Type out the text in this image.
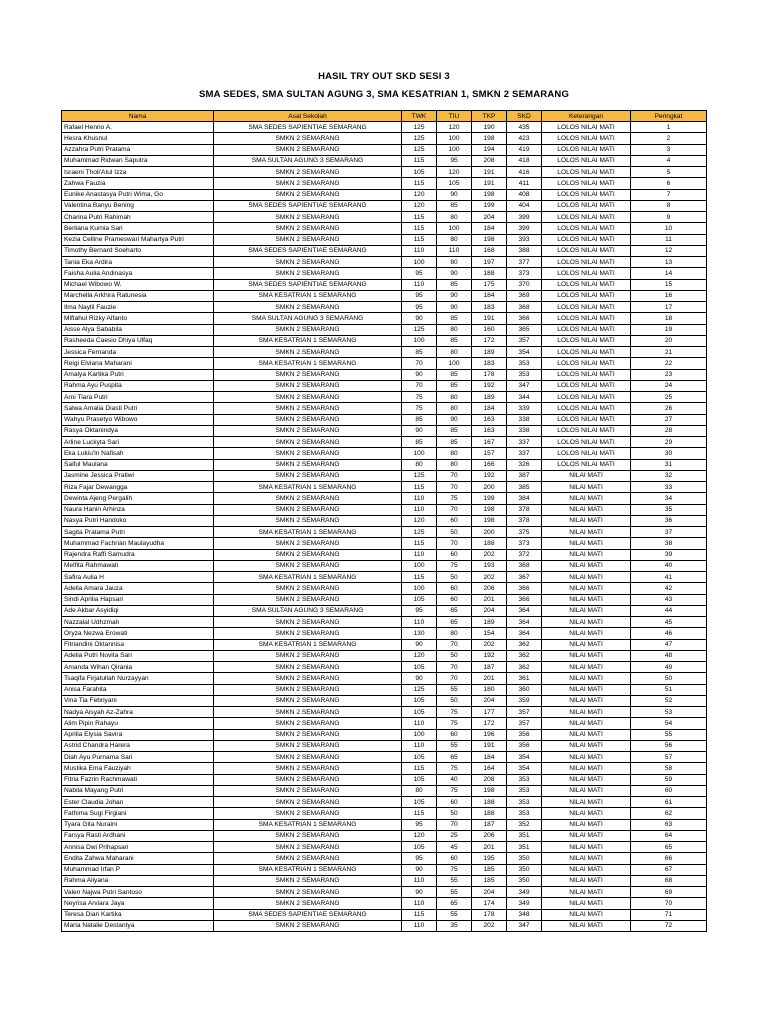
HASIL TRY OUT SKD SESI 3
SMA SEDES, SMA SULTAN AGUNG 3, SMA KESATRIAN 1, SMKN 2 SEMARANG
Nama	Asal Sekolah	TWK	TIU	TKP	SKD	Keterangan	Peringkat
Rafael Henrio A.	SMA SEDES SAPIENTIAE SEMARANG	125	120	190	435	LOLOS NILAI MATI	1
Hesra Khusnul	SMKN 2 SEMARANG	125	100	198	423	LOLOS NILAI MATI	2
Azzahra Putri Pratama	SMKN 2 SEMARANG	125	100	194	419	LOLOS NILAI MATI	3
Muhammad Ridwan Saputra	SMA SULTAN AGUNG 3 SEMARANG	115	95	208	418	LOLOS NILAI MATI	4
Israeni Tholi'Atul Izza	SMKN 2 SEMARANG	105	120	191	416	LOLOS NILAI MATI	5
Zahwa Fauzia	SMKN 2 SEMARANG	115	105	191	411	LOLOS NILAI MATI	6
Eunike Anastasya Putri Wima, Go	SMKN 2 SEMARANG	120	90	198	408	LOLOS NILAI MATI	7
Valentina Banyu Bening	SMA SEDES SAPIENTIAE SEMARANG	120	85	199	404	LOLOS NILAI MATI	8
Charina Putri Rahimah	SMKN 2 SEMARANG	115	80	204	399	LOLOS NILAI MATI	9
Berliana Kurnia Sari	SMKN 2 SEMARANG	115	100	184	399	LOLOS NILAI MATI	10
Kezia Celline Prameswari Mahartya Putri	SMKN 2 SEMARANG	115	80	198	393	LOLOS NILAI MATI	11
Timothy Bernard Soeharto	SMA SEDES SAPIENTIAE SEMARANG	110	110	168	388	LOLOS NILAI MATI	12
Tania Eka Ardira	SMKN 2 SEMARANG	100	80	197	377	LOLOS NILAI MATI	13
Faisha Aulia Andinasya	SMKN 2 SEMARANG	95	90	188	373	LOLOS NILAI MATI	14
Michael Wibowo W.	SMA SEDES SAPIENTIAE SEMARANG	110	85	175	370	LOLOS NILAI MATI	15
Marchella Arkhira Ratunesia	SMA KESATRIAN 1 SEMARANG	95	90	184	369	LOLOS NILAI MATI	16
Ilma Naylil Fauzie	SMKN 2 SEMARANG	95	90	183	368	LOLOS NILAI MATI	17
Miftahul Rizky Alfanto	SMA SULTAN AGUNG 3 SEMARANG	90	85	191	366	LOLOS NILAI MATI	18
Aisse Alya Sababila	SMKN 2 SEMARANG	125	80	160	365	LOLOS NILAI MATI	19
Rasheeda Caesio Dhiya Ulfaq	SMA KESATRIAN 1 SEMARANG	100	85	172	357	LOLOS NILAI MATI	20
Jessica Fernanda	SMKN 2 SEMARANG	85	80	189	354	LOLOS NILAI MATI	21
Reigi Elviana Maharani	SMA KESATRIAN 1 SEMARANG	70	100	183	353	LOLOS NILAI MATI	22
Amalya Kartika Putri	SMKN 2 SEMARANG	90	85	178	353	LOLOS NILAI MATI	23
Rahma Ayu Puspita	SMKN 2 SEMARANG	70	85	192	347	LOLOS NILAI MATI	24
Arni Tiara Putri	SMKN 2 SEMARANG	75	80	189	344	LOLOS NILAI MATI	25
Salwa Amalia Diasti Putri	SMKN 2 SEMARANG	75	80	184	339	LOLOS NILAI MATI	26
Wahyu Prasetyo Wibowo	SMKN 2 SEMARANG	85	90	163	338	LOLOS NILAI MATI	27
Rasya Oktanindya	SMKN 2 SEMARANG	90	85	163	338	LOLOS NILAI MATI	28
Arline Luckyta Sari	SMKN 2 SEMARANG	85	85	167	337	LOLOS NILAI MATI	29
Eka Lukiu'ln Nafisah	SMKN 2 SEMARANG	100	80	157	337	LOLOS NILAI MATI	30
Saiful Maulana	SMKN 2 SEMARANG	80	80	166	326	LOLOS NILAI MATI	31
Jasmine Jessica Pratiwi	SMKN 2 SEMARANG	125	70	192	387	NILAI MATI	32
Riza Fajar Dewangga	SMA KESATRIAN 1 SEMARANG	115	70	200	385	NILAI MATI	33
Dewinta Ajeng Pergalih	SMKN 2 SEMARANG	110	75	199	384	NILAI MATI	34
Naura Hanin Arhinza	SMKN 2 SEMARANG	110	70	198	378	NILAI MATI	35
Nasya Putri Handoko	SMKN 2 SEMARANG	120	60	198	378	NILAI MATI	36
Sagita Pratama Putri	SMA KESATRIAN 1 SEMARANG	125	50	200	375	NILAI MATI	37
Muhammad Fachrian Maulayudha	SMKN 2 SEMARANG	115	70	188	373	NILAI MATI	38
Rajendra Raffi Samudra	SMKN 2 SEMARANG	110	60	202	372	NILAI MATI	39
Melfita Rahmawati	SMKN 2 SEMARANG	100	75	193	368	NILAI MATI	40
Safira Aulia H	SMA KESATRIAN 1 SEMARANG	115	50	202	367	NILAI MATI	41
Adella Amara Jauza	SMKN 2 SEMARANG	100	60	206	366	NILAI MATI	42
Sindi Aprilia Hapsari	SMKN 2 SEMARANG	105	60	201	366	NILAI MATI	43
Ade Akbar Asyidiqi	SMA SULTAN AGUNG 3 SEMARANG	95	65	204	364	NILAI MATI	44
Nazzalal Udhzmah	SMKN 2 SEMARANG	110	65	189	364	NILAI MATI	45
Oryza Nezwa Erowati	SMKN 2 SEMARANG	130	80	154	364	NILAI MATI	46
Fitriandini Oktannisa	SMA KESATRIAN 1 SEMARANG	90	70	202	362	NILAI MATI	47
Adelia Putri Novita Sari	SMKN 2 SEMARANG	120	50	192	362	NILAI MATI	48
Amanda Wihan Qirania	SMKN 2 SEMARANG	105	70	187	362	NILAI MATI	49
Tsaqifa Firjatullah Nurzayyan	SMKN 2 SEMARANG	90	70	201	361	NILAI MATI	50
Anisa Farahita	SMKN 2 SEMARANG	125	55	180	360	NILAI MATI	51
Vina Tia Febriyani	SMKN 2 SEMARANG	105	50	204	359	NILAI MATI	52
Nadya Aisyah Az-Zahra	SMKN 2 SEMARANG	105	75	177	357	NILAI MATI	53
Alim Pipin Rahayu	SMKN 2 SEMARANG	110	75	172	357	NILAI MATI	54
Aprilia Elysia Savira	SMKN 2 SEMARANG	100	60	196	356	NILAI MATI	55
Astrid Chandra Harera	SMKN 2 SEMARANG	110	55	191	356	NILAI MATI	56
Diah Ayu Purnama Sari	SMKN 2 SEMARANG	105	65	184	354	NILAI MATI	57
Mustika Ema Fauziyah	SMKN 2 SEMARANG	115	75	164	354	NILAI MATI	58
Fitria Fazrin Rachmawati	SMKN 2 SEMARANG	105	40	208	353	NILAI MATI	59
Nabila Mayang Putri	SMKN 2 SEMARANG	80	75	198	353	NILAI MATI	60
Ester Claudia Johan	SMKN 2 SEMARANG	105	60	188	353	NILAI MATI	61
Fathima Sugi Firgiani	SMKN 2 SEMARANG	115	50	188	353	NILAI MATI	62
Tyara Gita Nuraini	SMA KESATRIAN 1 SEMARANG	95	70	187	352	NILAI MATI	63
Farsya Rasti Ardhani	SMKN 2 SEMARANG	120	25	206	351	NILAI MATI	64
Annisa Dwi Prihapsari	SMKN 2 SEMARANG	105	45	201	351	NILAI MATI	65
Endita Zahwa Maharani	SMKN 2 SEMARANG	95	60	195	350	NILAI MATI	66
Muhammad Irfan P	SMA KESATRIAN 1 SEMARANG	90	75	185	350	NILAI MATI	67
Rahma Aliyana	SMKN 2 SEMARANG	110	55	185	350	NILAI MATI	68
Valen Najwa Putri Santoso	SMKN 2 SEMARANG	90	55	204	349	NILAI MATI	69
Neyrisa Arviara Jaya	SMKN 2 SEMARANG	110	65	174	349	NILAI MATI	70
Teresa Dian Kartika	SMA SEDES SAPIENTIAE SEMARANG	115	55	178	348	NILAI MATI	71
Maria Natalie Destantya	SMKN 2 SEMARANG	110	35	202	347	NILAI MATI	72
